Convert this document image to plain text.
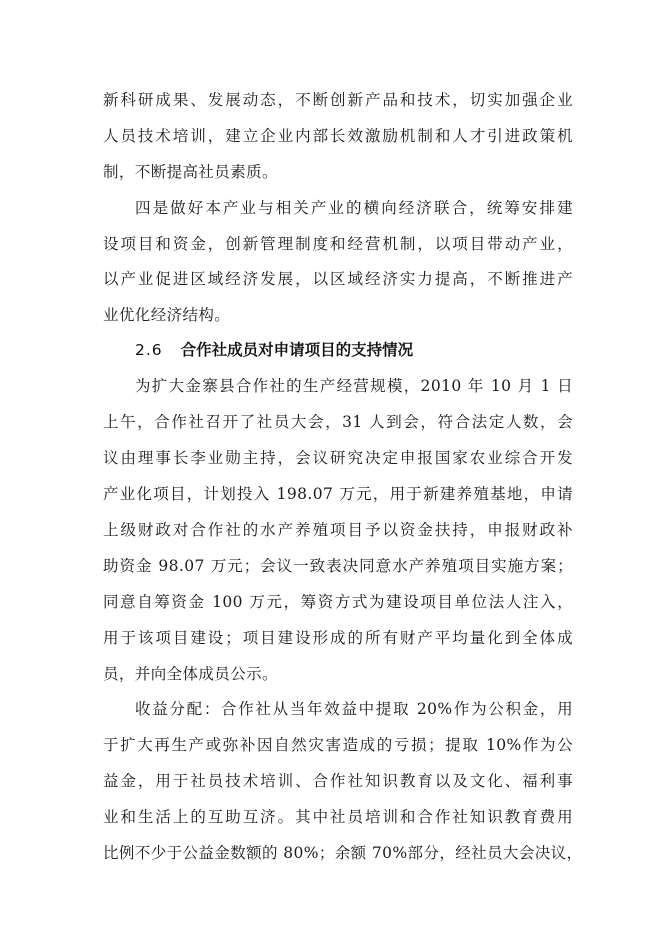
新科研成果、发展动态，不断创新产品和技术，切实加强企业
人员技术培训，建立企业内部长效激励机制和人才引进政策机
制，不断提高社员素质。
四是做好本产业与相关产业的横向经济联合，统筹安排建
设项目和资金，创新管理制度和经营机制，以项目带动产业，
以产业促进区域经济发展，以区域经济实力提高，不断推进产
业优化经济结构。
2.6 合作社成员对申请项目的支持情况
为扩大金寨县合作社的生产经营规模，2010 年 10 月 1 日
上午，合作社召开了社员大会，31 人到会，符合法定人数，会
议由理事长李业勋主持，会议研究决定申报国家农业综合开发
产业化项目，计划投入 198.07 万元，用于新建养殖基地，申请
上级财政对合作社的水产养殖项目予以资金扶持，申报财政补
助资金 98.07 万元；会议一致表决同意水产养殖项目实施方案；
同意自筹资金 100 万元，筹资方式为建设项目单位法人注入，
用于该项目建设；项目建设形成的所有财产平均量化到全体成
员，并向全体成员公示。
收益分配：合作社从当年效益中提取 20%作为公积金，用
于扩大再生产或弥补因自然灾害造成的亏损；提取 10%作为公
益金，用于社员技术培训、合作社知识教育以及文化、福利事
业和生活上的互助互济。其中社员培训和合作社知识教育费用
比例不少于公益金数额的 80%；余额 70%部分，经社员大会决议，
